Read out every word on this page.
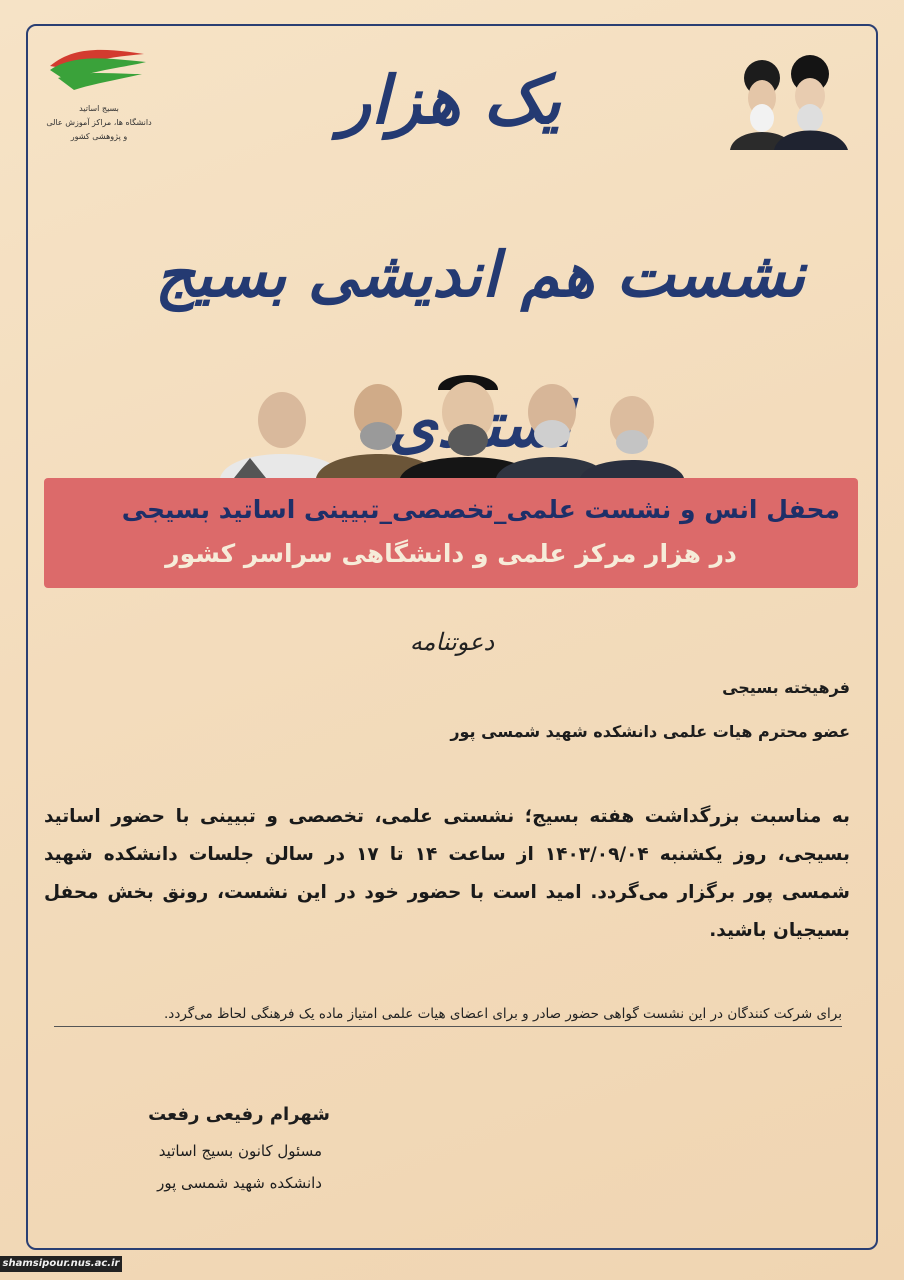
بسیج اساتید
دانشگاه ها، مراکز آموزش عالی و پژوهشی کشور	یک هزار
نشست هم اندیشی بسیج
محفل انس و نشست علمی_تخصصی_تبیینی اساتید بسیجی
در هزار مرکز علمی و دانشگاهی سراسر کشور
دعوتنامه
فرهیخته بسیجی
عضو محترم هیات علمی دانشکده شهید شمسی پور
به مناسبت بزرگداشت هفته بسیج؛ نشستی علمی، تخصصی و تبیینی با حضور اساتید بسیجی، روز یکشنبه ۱۴۰۳/۰۹/۰۴ از ساعت ۱۴ تا ۱۷ در سالن جلسات دانشکده شهید شمسی پور برگزار می‌گردد. امید است با حضور خود در این نشست، رونق بخش محفل بسیجیان باشید.
برای شرکت کنندگان در این نشست گواهی حضور صادر و برای اعضای هیات علمی امتیاز ماده یک فرهنگی لحاظ می‌گردد.
شهرام رفیعی رفعت
مسئول کانون بسیج اساتید
دانشکده شهید شمسی پور
shamsipour.nus.ac.ir
